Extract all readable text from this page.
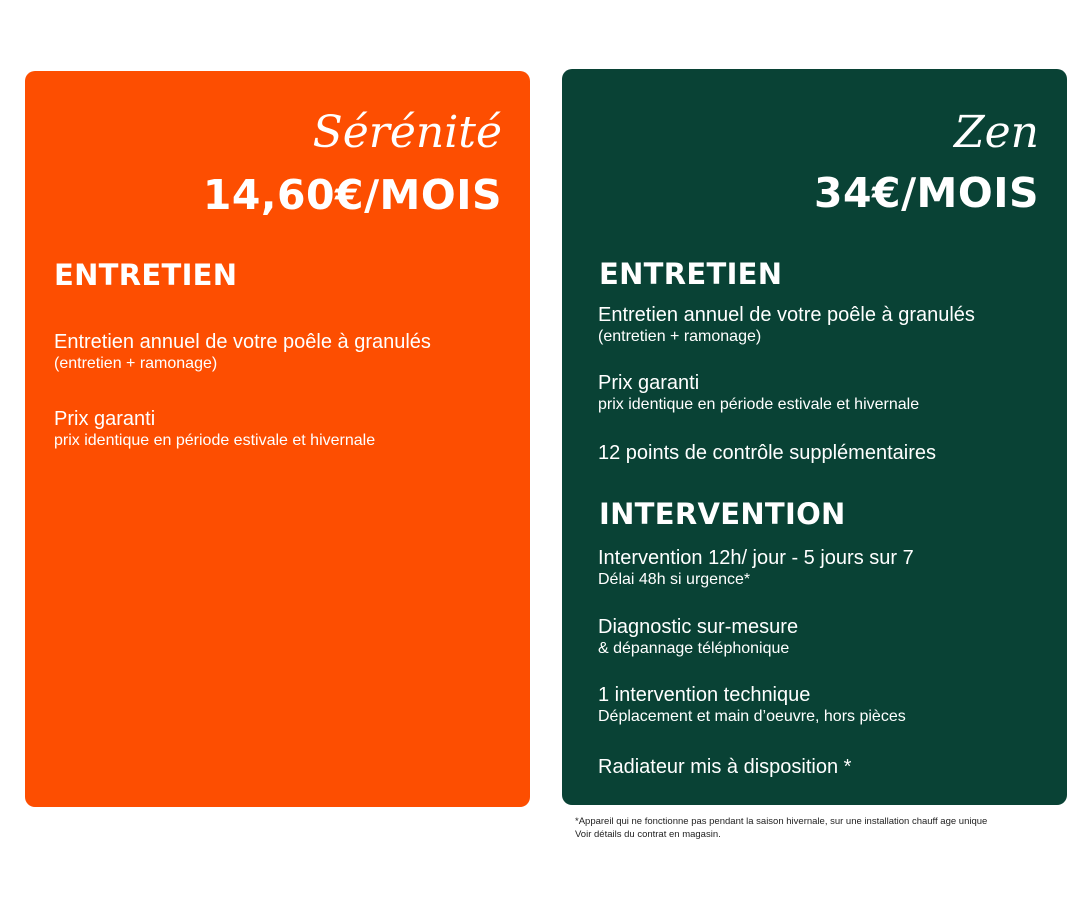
Sérénité
14,60€/MOIS
ENTRETIEN
Entretien annuel de votre poêle à granulés
(entretien + ramonage)
Prix garanti
prix identique en période estivale et hivernale
Zen
34€/MOIS
ENTRETIEN
Entretien annuel de votre poêle à granulés
(entretien + ramonage)
Prix garanti
prix identique en période estivale et hivernale
12 points de contrôle supplémentaires
INTERVENTION
Intervention 12h/ jour - 5 jours sur 7
Délai 48h si urgence*
Diagnostic sur-mesure
& dépannage téléphonique
1 intervention technique
Déplacement et main d’oeuvre, hors pièces
Radiateur mis à disposition *
*Appareil qui ne fonctionne pas pendant la saison hivernale, sur une installation chauff age unique
Voir détails du contrat en magasin.
